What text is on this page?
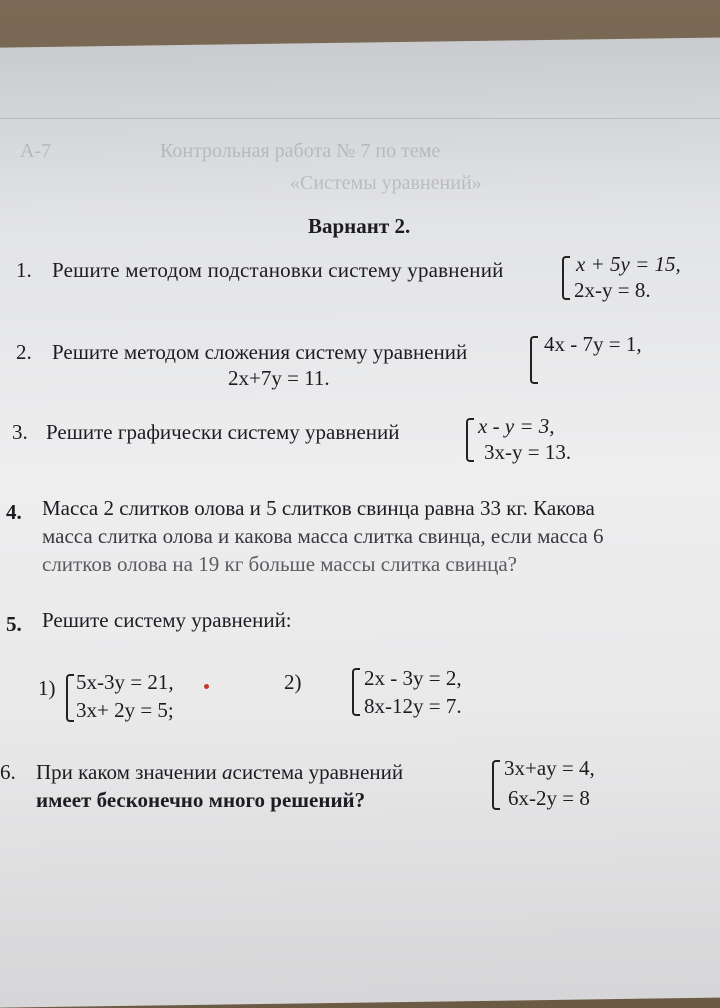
А-7	Контрольная работа № 7 по теме
«Системы уравнений»
Варнант 2.
1. Решите методом подстановки систему уравнений	x + 5y = 15,
2x-y = 8.
2. Решите методом сложения систему уравнений	4x - 7y = 1,
2x+7y = 11.
3. Решите графически систему уравнений	x - y = 3,
3x-y = 13.
4. Масса 2 слитков олова и 5 слитков свинца равна 33 кг. Какова
масса слитка олова и какова масса слитка свинца, если масса 6
слитков олова на 19 кг больше массы слитка свинца?
5. Решите систему уравнений:
1) 5x-3y = 21,
3x+ 2y = 5;
2)	2x - 3y = 2,
8x-12y = 7.
6. При каком значении aсистема уравнений
имеет бесконечно много решений?
3x+ay = 4,
6x-2y = 8
